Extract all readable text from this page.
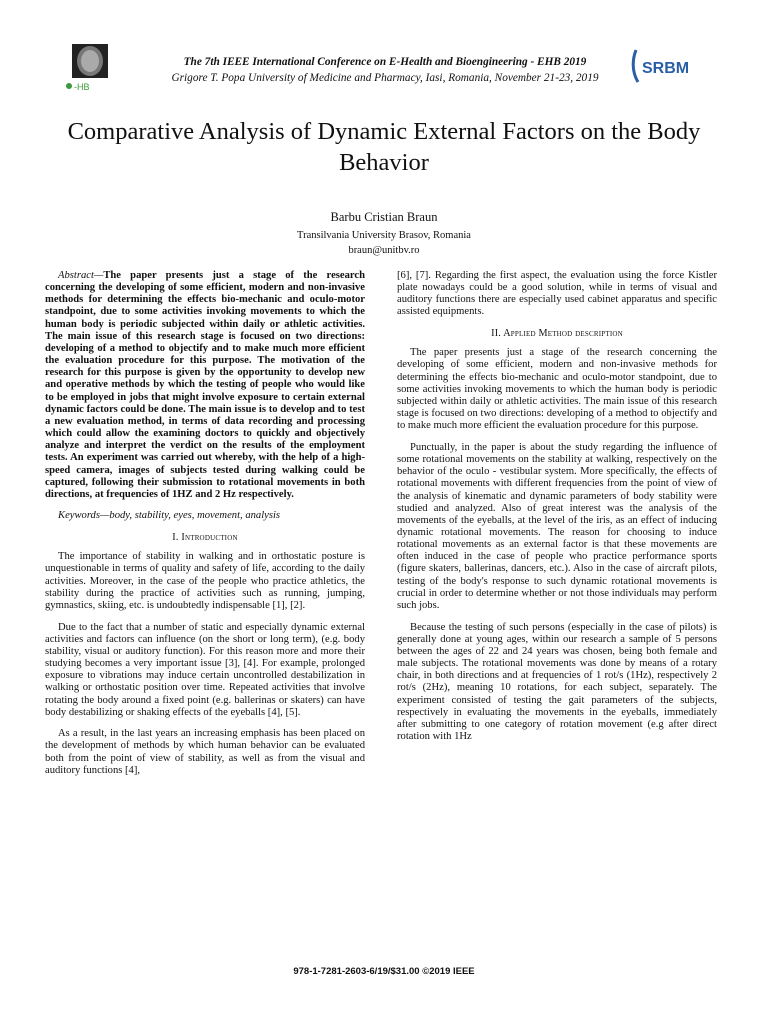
-HB
The 7th IEEE International Conference on E-Health and Bioengineering - EHB 2019
Grigore T. Popa University of Medicine and Pharmacy, Iasi, Romania, November 21-23, 2019
SRBM
Comparative Analysis of Dynamic External Factors on the Body Behavior
Barbu Cristian Braun
Transilvania University Brasov, Romania
braun@unitbv.ro

Abstract—The paper presents just a stage of the research concerning the developing of some efficient, modern and non-invasive methods for determining the effects bio-mechanic and oculo-motor standpoint, due to some activities invoking movements to which the human body is periodic subjected within daily or athletic activities. The main issue of this research stage is focused on two directions: developing of a method to objectify and to make much more efficient the evaluation procedure for this purpose. The motivation of the research for this purpose is given by the opportunity to develop new and operative methods by which the testing of people who would like to be employed in jobs that might involve exposure to certain external dynamic factors could be done. The main issue is to develop and to test a new evaluation method, in terms of data recording and processing which could allow the examining doctors to quickly and objectively analyze and interpret the verdict on the results of the employment tests. An experiment was carried out whereby, with the help of a high-speed camera, images of subjects tested during walking could be captured, following their submission to rotational movements in both directions, at frequencies of 1HZ and 2 Hz respectively.

Keywords—body, stability, eyes, movement, analysis

I. Introduction

The importance of stability in walking and in orthostatic posture is unquestionable in terms of quality and safety of life, according to the daily activities. Moreover, in the case of the people who practice athletics, the stability during the practice of activities such as running, jumping, gymnastics, skiing, etc. is undoubtedly indispensable [1], [2].

Due to the fact that a number of static and especially dynamic external activities and factors can influence (on the short or long term), (e.g. body stability, visual or auditory function). For this reason more and more their studying becomes a very important issue [3], [4]. For example, prolonged exposure to vibrations may induce certain uncontrolled destabilization in walking or orthostatic position over time. Repeated activities that involve rotating the body around a fixed point (e.g. ballerinas or skaters) can have body destabilizing or shaking effects of the eyeballs [4], [5].

As a result, in the last years an increasing emphasis has been placed on the development of methods by which human behavior can be evaluated both from the point of view of stability, as well as from the visual and auditory functions [4],

[6], [7]. Regarding the first aspect, the evaluation using the force Kistler plate nowadays could be a good solution, while in terms of visual and auditory functions there are especially used cabinet apparatus and specific assisted equipments.

II. Applied Method description

The paper presents just a stage of the research concerning the developing of some efficient, modern and non-invasive methods for determining the effects bio-mechanic and oculo-motor standpoint, due to some activities invoking movements to which the human body is periodic subjected within daily or athletic activities. The main issue of this research stage is focused on two directions: developing of a method to objectify and to make much more efficient the evaluation procedure for this purpose.

Punctually, in the paper is about the study regarding the influence of some rotational movements on the stability at walking, respectively on the behavior of the oculo - vestibular system. More specifically, the effects of rotational movements with different frequencies from the point of view of the analysis of kinematic and dynamic parameters of body stability were studied and analyzed. Also of great interest was the analysis of the movements of the eyeballs, at the level of the iris, as an effect of inducing dynamic rotational movements. The reason for choosing to induce rotational movements as an external factor is that these movements are often induced in the case of people who practice performance sports (figure skaters, ballerinas, dancers, etc.). Also in the case of aircraft pilots, testing of the body's response to such dynamic rotational movements is crucial in order to determine whether or not those individuals may perform such jobs.

Because the testing of such persons (especially in the case of pilots) is generally done at young ages, within our research a sample of 5 persons between the ages of 22 and 24 years was chosen, being both female and male subjects. The rotational movements was done by means of a rotary chair, in both directions and at frequencies of 1 rot/s (1Hz), respectively 2 rot/s (2Hz), meaning 10 rotations, for each subject, separately. The experiment consisted of testing the gait parameters of the subjects, respectively in evaluating the movements in the eyeballs, immediately after submitting to one category of rotation movement (e.g after direct rotation with 1Hz

978-1-7281-2603-6/19/$31.00 ©2019 IEEE
